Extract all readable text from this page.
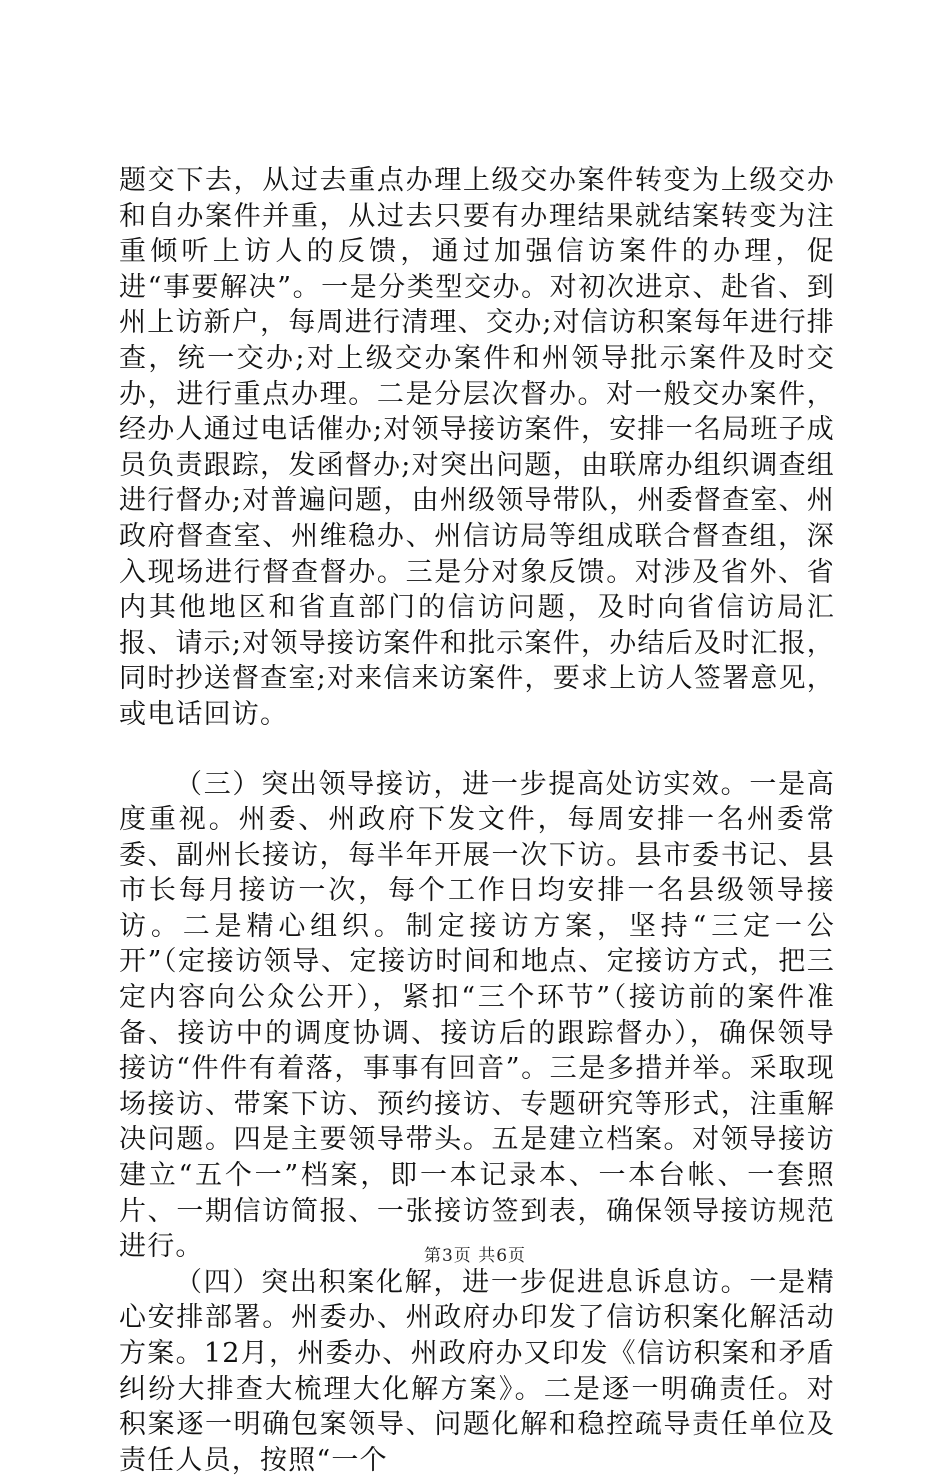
题交下去，从过去重点办理上级交办案件转变为上级交办和自办案件并重，从过去只要有办理结果就结案转变为注重倾听上访人的反馈，通过加强信访案件的办理，促进“事要解决”。一是分类型交办。对初次进京、赴省、到州上访新户，每周进行清理、交办;对信访积案每年进行排查，统一交办;对上级交办案件和州领导批示案件及时交办，进行重点办理。二是分层次督办。对一般交办案件，经办人通过电话催办;对领导接访案件，安排一名局班子成员负责跟踪，发函督办;对突出问题，由联席办组织调查组进行督办;对普遍问题，由州级领导带队，州委督查室、州政府督查室、州维稳办、州信访局等组成联合督查组，深入现场进行督查督办。三是分对象反馈。对涉及省外、省内其他地区和省直部门的信访问题，及时向省信访局汇报、请示;对领导接访案件和批示案件，办结后及时汇报，同时抄送督查室;对来信来访案件，要求上访人签署意见，或电话回访。

（三）突出领导接访，进一步提高处访实效。一是高度重视。州委、州政府下发文件，每周安排一名州委常委、副州长接访，每半年开展一次下访。县市委书记、县市长每月接访一次，每个工作日均安排一名县级领导接访。二是精心组织。制定接访方案，坚持“三定一公开”（定接访领导、定接访时间和地点、定接访方式，把三定内容向公众公开），紧扣“三个环节”（接访前的案件准备、接访中的调度协调、接访后的跟踪督办），确保领导接访“件件有着落，事事有回音”。三是多措并举。采取现场接访、带案下访、预约接访、专题研究等形式，注重解决问题。四是主要领导带头。五是建立档案。对领导接访建立“五个一”档案，即一本记录本、一本台帐、一套照片、一期信访简报、一张接访签到表，确保领导接访规范进行。

（四）突出积案化解，进一步促进息诉息访。一是精心安排部署。州委办、州政府办印发了信访积案化解活动方案。12月，州委办、州政府办又印发《信访积案和矛盾纠纷大排查大梳理大化解方案》。二是逐一明确责任。对积案逐一明确包案领导、问题化解和稳控疏导责任单位及责任人员，按照“一个

第3页 共6页
